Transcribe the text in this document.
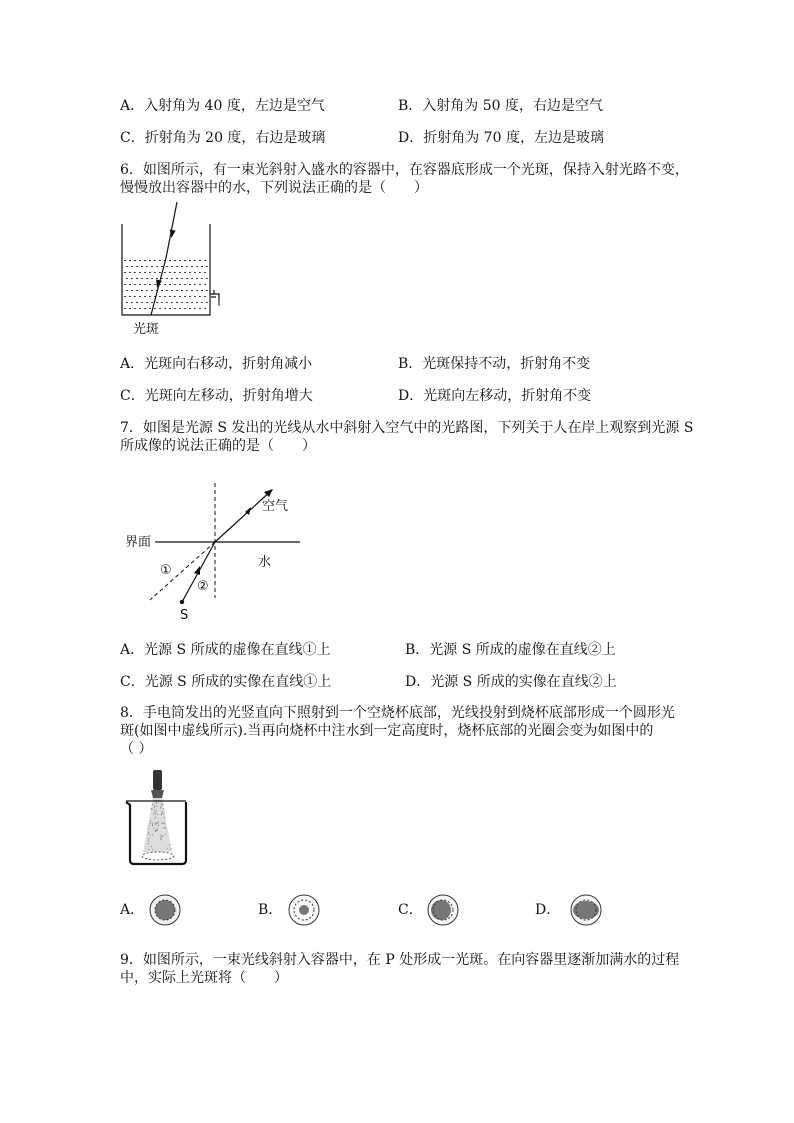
A．入射角为 40 度，左边是空气	B．入射角为 50 度，右边是空气
C．折射角为 20 度，右边是玻璃	D．折射角为 70 度，左边是玻璃
6．如图所示，有一束光斜射入盛水的容器中，在容器底形成一个光斑，保持入射光路不变，
慢慢放出容器中的水，下列说法正确的是（　　）
光斑
A．光斑向右移动，折射角减小	B．光斑保持不动，折射角不变
C．光斑向左移动，折射角增大	D．光斑向左移动，折射角不变
7．如图是光源 S 发出的光线从水中斜射入空气中的光路图，下列关于人在岸上观察到光源 S
所成像的说法正确的是（　　）
界面
空气
水
①
②
S
A．光源 S 所成的虚像在直线①上	B．光源 S 所成的虚像在直线②上
C．光源 S 所成的实像在直线①上	D．光源 S 所成的实像在直线②上
8．手电筒发出的光竖直向下照射到一个空烧杯底部，光线投射到烧杯底部形成一个圆形光
斑(如图中虚线所示).当再向烧杯中注水到一定高度时，烧杯底部的光圈会变为如图中的
（ ）
A．	B．	C．	D．
9．如图所示，一束光线斜射入容器中，在 P 处形成一光斑。在向容器里逐渐加满水的过程
中，实际上光斑将（　　）
